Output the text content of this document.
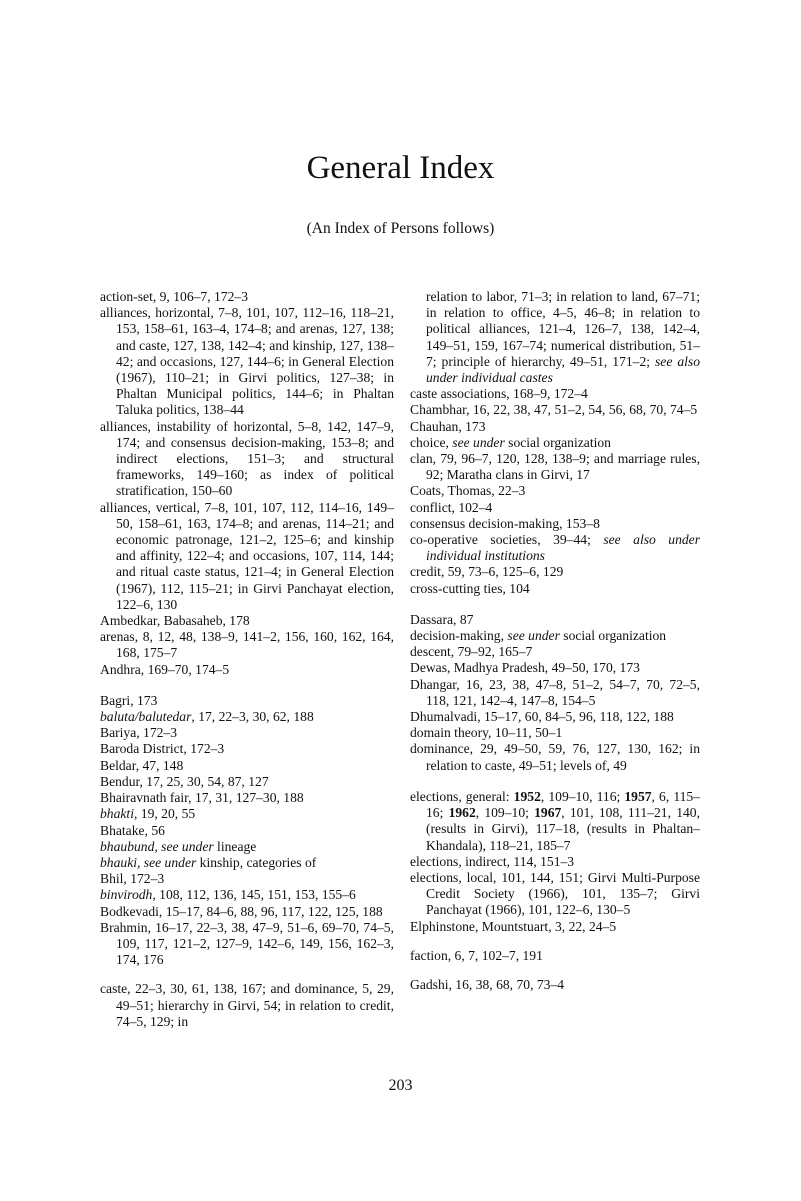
General Index
(An Index of Persons follows)
action-set, 9, 106–7, 172–3
alliances, horizontal, 7–8, 101, 107, 112–16, 118–21, 153, 158–61, 163–4, 174–8; and arenas, 127, 138; and caste, 127, 138, 142–4; and kinship, 127, 138–42; and occasions, 127, 144–6; in General Election (1967), 110–21; in Girvi politics, 127–38; in Phaltan Municipal politics, 144–6; in Phaltan Taluka politics, 138–44
alliances, instability of horizontal, 5–8, 142, 147–9, 174; and consensus decision-making, 153–8; and indirect elections, 151–3; and structural frameworks, 149–160; as index of political stratification, 150–60
alliances, vertical, 7–8, 101, 107, 112, 114–16, 149–50, 158–61, 163, 174–8; and arenas, 114–21; and economic patronage, 121–2, 125–6; and kinship and affinity, 122–4; and occasions, 107, 114, 144; and ritual caste status, 121–4; in General Election (1967), 112, 115–21; in Girvi Panchayat election, 122–6, 130
Ambedkar, Babasaheb, 178
arenas, 8, 12, 48, 138–9, 141–2, 156, 160, 162, 164, 168, 175–7
Andhra, 169–70, 174–5
Bagri, 173
baluta/balutedar, 17, 22–3, 30, 62, 188
Bariya, 172–3
Baroda District, 172–3
Beldar, 47, 148
Bendur, 17, 25, 30, 54, 87, 127
Bhairavnath fair, 17, 31, 127–30, 188
bhakti, 19, 20, 55
Bhatake, 56
bhaubund, see under lineage
bhauki, see under kinship, categories of
Bhil, 172–3
binvirodh, 108, 112, 136, 145, 151, 153, 155–6
Bodkevadi, 15–17, 84–6, 88, 96, 117, 122, 125, 188
Brahmin, 16–17, 22–3, 38, 47–9, 51–6, 69–70, 74–5, 109, 117, 121–2, 127–9, 142–6, 149, 156, 162–3, 174, 176
caste, 22–3, 30, 61, 138, 167; and dominance, 5, 29, 49–51; hierarchy in Girvi, 54; in relation to credit, 74–5, 129; in
relation to labor, 71–3; in relation to land, 67–71; in relation to office, 4–5, 46–8; in relation to political alliances, 121–4, 126–7, 138, 142–4, 149–51, 159, 167–74; numerical distribution, 51–7; principle of hierarchy, 49–51, 171–2; see also under individual castes
caste associations, 168–9, 172–4
Chambhar, 16, 22, 38, 47, 51–2, 54, 56, 68, 70, 74–5
Chauhan, 173
choice, see under social organization
clan, 79, 96–7, 120, 128, 138–9; and marriage rules, 92; Maratha clans in Girvi, 17
Coats, Thomas, 22–3
conflict, 102–4
consensus decision-making, 153–8
co-operative societies, 39–44; see also under individual institutions
credit, 59, 73–6, 125–6, 129
cross-cutting ties, 104
Dassara, 87
decision-making, see under social organization
descent, 79–92, 165–7
Dewas, Madhya Pradesh, 49–50, 170, 173
Dhangar, 16, 23, 38, 47–8, 51–2, 54–7, 70, 72–5, 118, 121, 142–4, 147–8, 154–5
Dhumalvadi, 15–17, 60, 84–5, 96, 118, 122, 188
domain theory, 10–11, 50–1
dominance, 29, 49–50, 59, 76, 127, 130, 162; in relation to caste, 49–51; levels of, 49
elections, general: 1952, 109–10, 116; 1957, 6, 115–16; 1962, 109–10; 1967, 101, 108, 111–21, 140, (results in Girvi), 117–18, (results in Phaltan–Khandala), 118–21, 185–7
elections, indirect, 114, 151–3
elections, local, 101, 144, 151; Girvi Multi-Purpose Credit Society (1966), 101, 135–7; Girvi Panchayat (1966), 101, 122–6, 130–5
Elphinstone, Mountstuart, 3, 22, 24–5
faction, 6, 7, 102–7, 191
Gadshi, 16, 38, 68, 70, 73–4
203
